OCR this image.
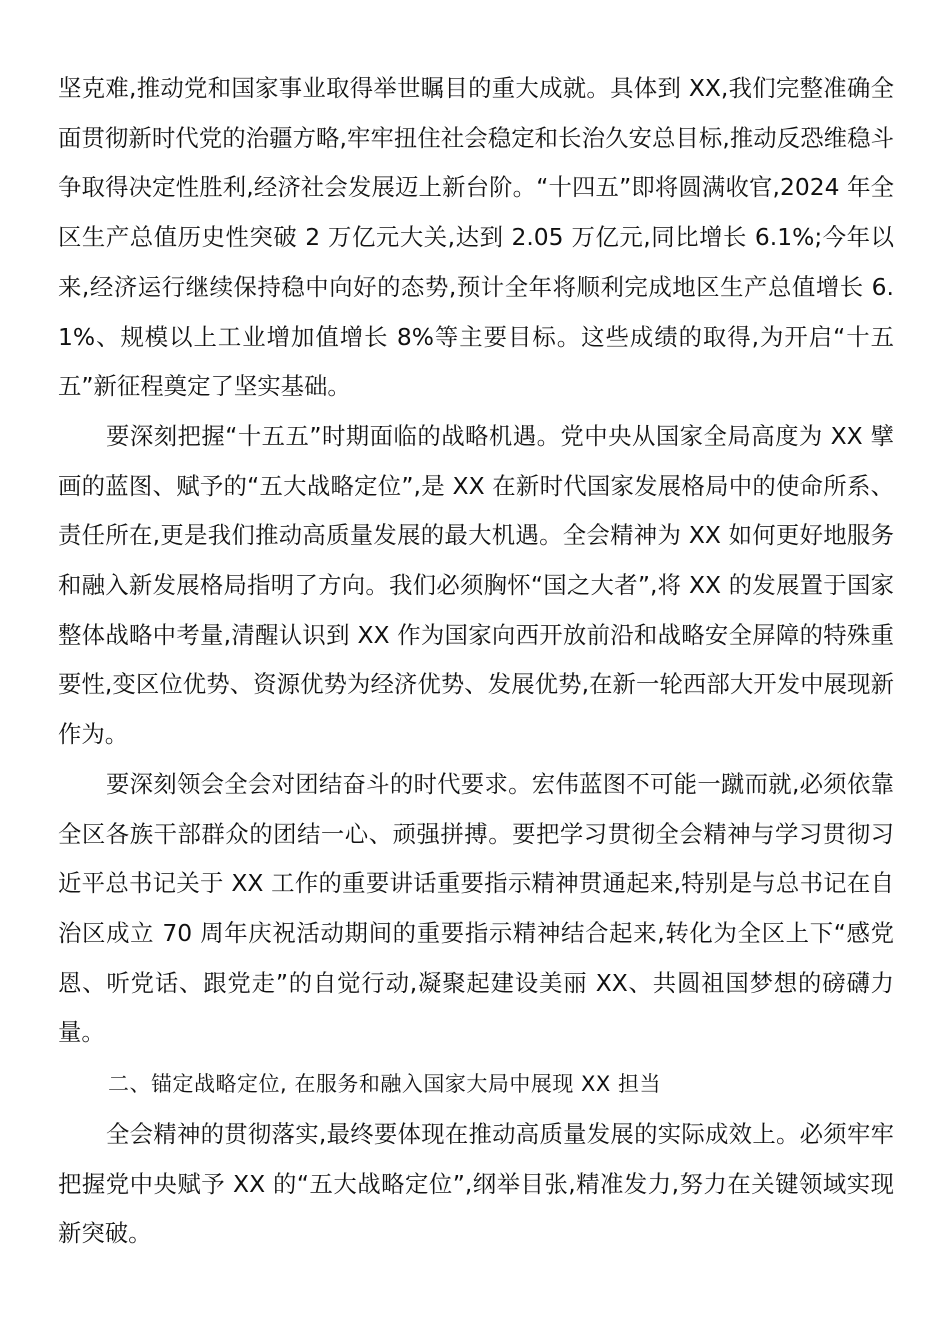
坚克难,推动党和国家事业取得举世瞩目的重大成就。具体到 XX,我们完整准确全面贯彻新时代党的治疆方略,牢牢扭住社会稳定和长治久安总目标,推动反恐维稳斗争取得决定性胜利,经济社会发展迈上新台阶。“十四五”即将圆满收官,2024 年全区生产总值历史性突破 2 万亿元大关,达到 2.05 万亿元,同比增长 6.1%;今年以来,经济运行继续保持稳中向好的态势,预计全年将顺利完成地区生产总值增长 6.1%、规模以上工业增加值增长 8%等主要目标。这些成绩的取得,为开启“十五五”新征程奠定了坚实基础。

要深刻把握“十五五”时期面临的战略机遇。党中央从国家全局高度为 XX 擘画的蓝图、赋予的“五大战略定位”,是 XX 在新时代国家发展格局中的使命所系、责任所在,更是我们推动高质量发展的最大机遇。全会精神为 XX 如何更好地服务和融入新发展格局指明了方向。我们必须胸怀“国之大者”,将 XX 的发展置于国家整体战略中考量,清醒认识到 XX 作为国家向西开放前沿和战略安全屏障的特殊重要性,变区位优势、资源优势为经济优势、发展优势,在新一轮西部大开发中展现新作为。

要深刻领会全会对团结奋斗的时代要求。宏伟蓝图不可能一蹴而就,必须依靠全区各族干部群众的团结一心、顽强拼搏。要把学习贯彻全会精神与学习贯彻习近平总书记关于 XX 工作的重要讲话重要指示精神贯通起来,特别是与总书记在自治区成立 70 周年庆祝活动期间的重要指示精神结合起来,转化为全区上下“感党恩、听党话、跟党走”的自觉行动,凝聚起建设美丽 XX、共圆祖国梦想的磅礴力量。

二、锚定战略定位, 在服务和融入国家大局中展现 XX 担当

全会精神的贯彻落实,最终要体现在推动高质量发展的实际成效上。必须牢牢把握党中央赋予 XX 的“五大战略定位”,纲举目张,精准发力,努力在关键领域实现新突破。
